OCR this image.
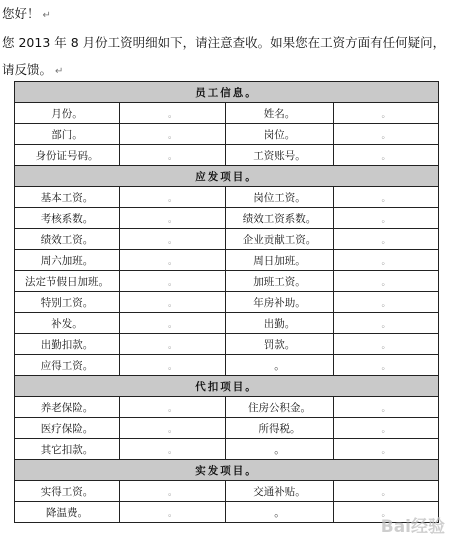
您好！ ↵

您 2013 年 8 月份工资明细如下，请注意查收。如果您在工资方面有任何疑问，请反馈。 ↵

员工信息。			
月份。	。	姓名。	。
部门。	。	岗位。	。
身份证号码。	。	工资账号。	。
应发项目。			
基本工资。	。	岗位工资。	。
考核系数。	。	绩效工资系数。	。
绩效工资。	。	企业贡献工资。	。
周六加班。	。	周日加班。	。
法定节假日加班。	。	加班工资。	。
特别工资。	。	年房补助。	。
补发。	。	出勤。	。
出勤扣款。	。	罚款。	。
应得工资。	。	。	。
代扣项目。			
养老保险。	。	住房公积金。	。
医疗保险。	。	所得税。	。
其它扣款。	。	。	。
实发项目。			
实得工资。	。	交通补贴。	。
降温费。	。	。	。
Bai经验
